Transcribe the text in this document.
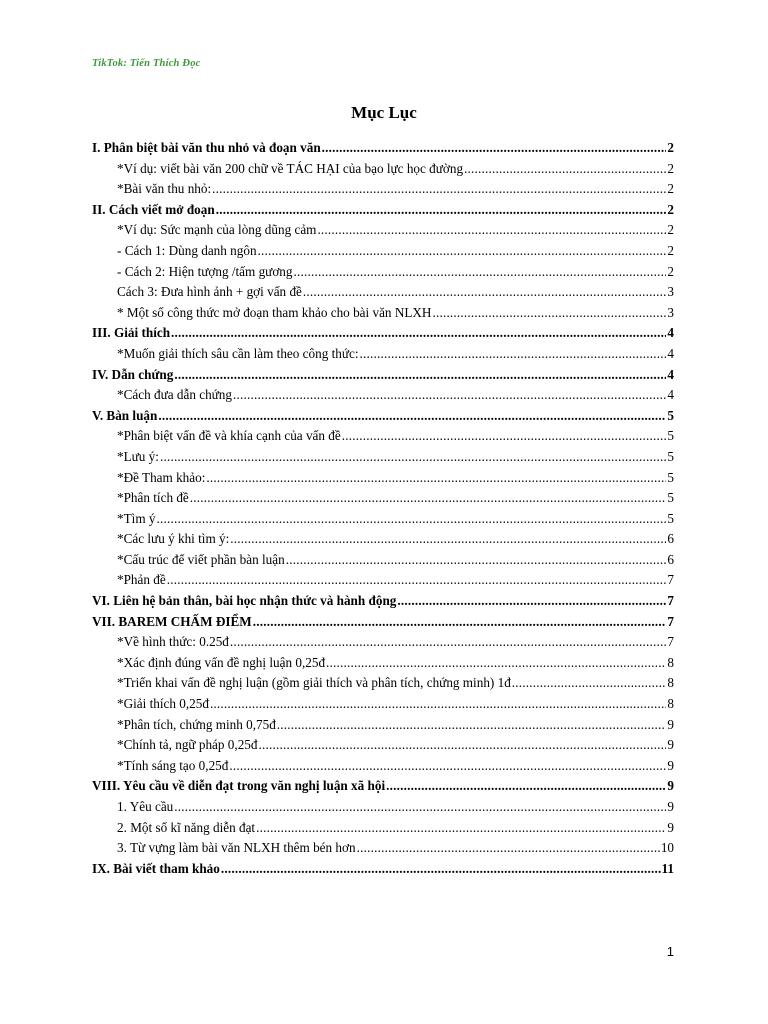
TikTok: Tiến Thích Đọc
Mục Lục
I. Phân biệt bài văn thu nhỏ và đoạn văn .....	2
*Ví dụ: viết bài văn 200 chữ về TÁC HẠI của bạo lực học đường .....	2
*Bài văn thu nhỏ: .....	2
II. Cách viết mở đoạn .....	2
*Ví dụ: Sức mạnh của lòng dũng cảm .....	2
- Cách 1: Dùng danh ngôn .....	2
- Cách 2: Hiện tượng /tấm gương .....	2
Cách 3: Đưa hình ảnh + gợi vấn đề .....	3
* Một số công thức mở đoạn tham khảo cho bài văn NLXH .....	3
III. Giải thích .....	4
*Muốn giải thích sâu cần làm theo công thức: .....	4
IV. Dẫn chứng .....	4
*Cách đưa dẫn chứng .....	4
V. Bàn luận .....	5
*Phân biệt vấn đề và khía cạnh của vấn đề .....	5
*Lưu ý: .....	5
*Đề Tham khảo: .....	5
*Phân tích đề .....	5
*Tìm ý .....	5
*Các lưu ý khi tìm ý: .....	6
*Cấu trúc để viết phần bàn luận .....	6
*Phản đề .....	7
VI. Liên hệ bản thân, bài học nhận thức và hành động .....	7
VII. BAREM CHẤM ĐIỂM .....	7
*Về hình thức: 0.25đ .....	7
*Xác định đúng vấn đề nghị luận 0,25đ .....	8
*Triển khai vấn đề nghị luận (gồm giải thích và phân tích, chứng minh) 1đ .....	8
*Giải thích 0,25đ .....	8
*Phân tích, chứng minh 0,75đ .....	9
*Chính tả, ngữ pháp 0,25đ .....	9
*Tính sáng tạo 0,25đ .....	9
VIII. Yêu cầu về diễn đạt trong văn nghị luận xã hội .....	9
1. Yêu cầu .....	9
2. Một số kĩ năng diễn đạt .....	9
3. Từ vựng làm bài văn NLXH thêm bén hơn .....	10
IX. Bài viết tham khảo .....	11
1
